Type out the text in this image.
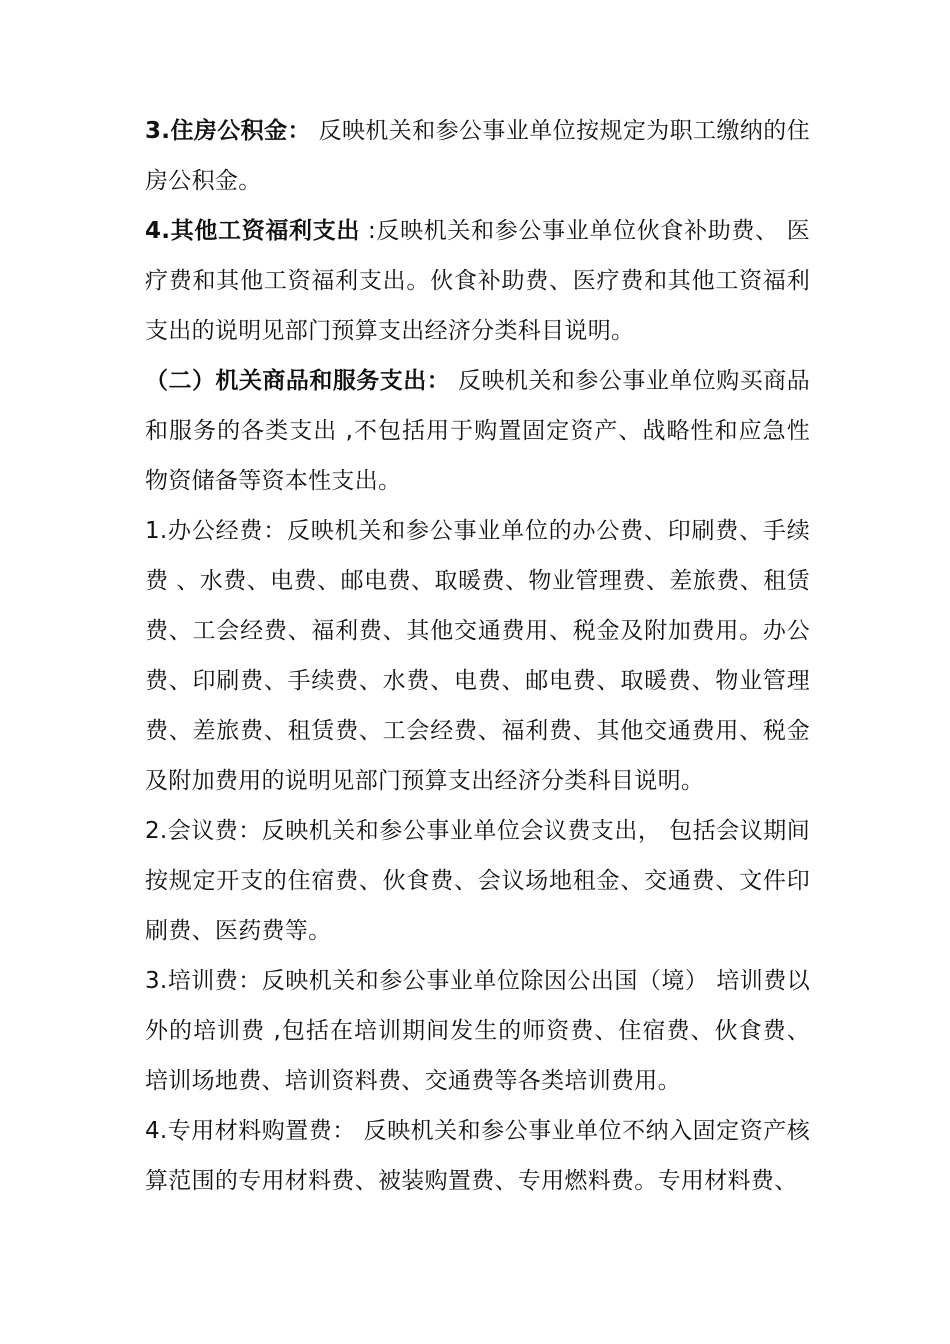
3.住房公积金： 反映机关和参公事业单位按规定为职工缴纳的住房公积金。

4.其他工资福利支出 :反映机关和参公事业单位伙食补助费、 医疗费和其他工资福利支出。伙食补助费、医疗费和其他工资福利支出的说明见部门预算支出经济分类科目说明。

（二）机关商品和服务支出： 反映机关和参公事业单位购买商品和服务的各类支出 ,不包括用于购置固定资产、战略性和应急性物资储备等资本性支出。

1.办公经费：反映机关和参公事业单位的办公费、印刷费、手续费 、水费、电费、邮电费、取暖费、物业管理费、差旅费、租赁费、工会经费、福利费、其他交通费用、税金及附加费用。办公费、印刷费、手续费、水费、电费、邮电费、取暖费、物业管理费、差旅费、租赁费、工会经费、福利费、其他交通费用、税金及附加费用的说明见部门预算支出经济分类科目说明。

2.会议费：反映机关和参公事业单位会议费支出， 包括会议期间按规定开支的住宿费、伙食费、会议场地租金、交通费、文件印刷费、医药费等。

3.培训费：反映机关和参公事业单位除因公出国（境） 培训费以外的培训费 ,包括在培训期间发生的师资费、住宿费、伙食费、培训场地费、培训资料费、交通费等各类培训费用。

4.专用材料购置费： 反映机关和参公事业单位不纳入固定资产核算范围的专用材料费、被装购置费、专用燃料费。专用材料费、
